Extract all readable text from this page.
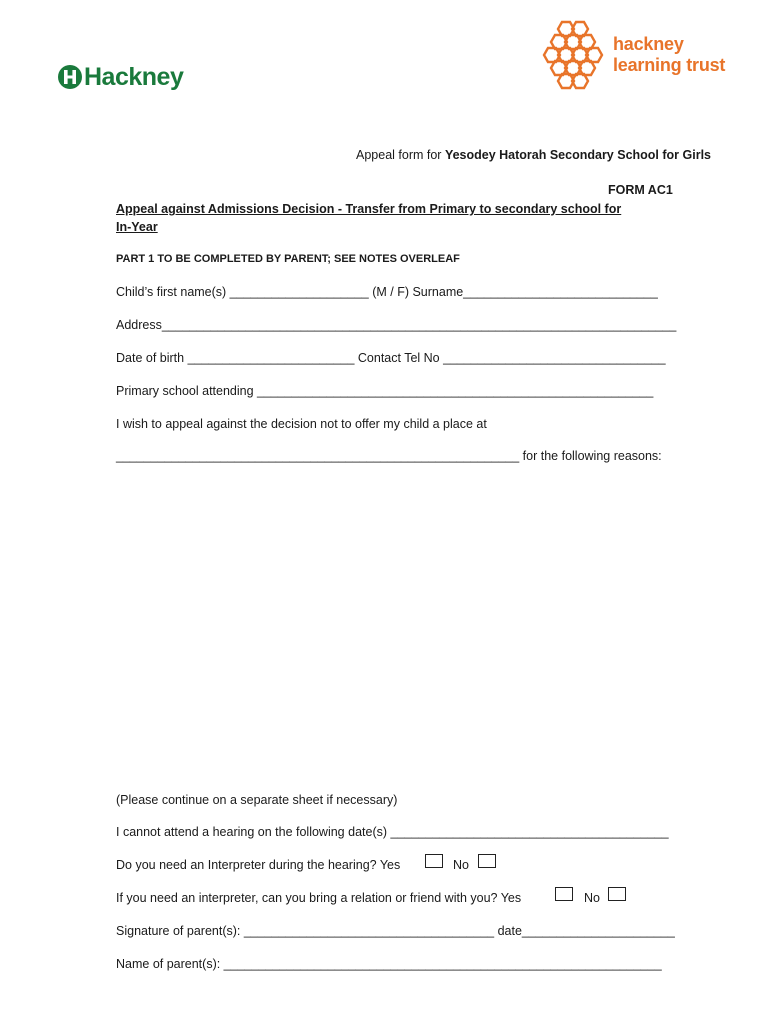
Hackney
hackney
learning trust
Appeal form for Yesodey Hatorah Secondary School for Girls
FORM AC1
Appeal against Admissions Decision - Transfer from Primary to secondary school for
In-Year
PART 1 TO BE COMPLETED BY PARENT; SEE NOTES OVERLEAF
Child’s first name(s) ____________________ (M / F) Surname____________________________
Address__________________________________________________________________________
Date of birth ________________________ Contact Tel No ________________________________
Primary school attending _________________________________________________________
I wish to appeal against the decision not to offer my child a place at
__________________________________________________________ for the following reasons:
(Please continue on a separate sheet if necessary)
I cannot attend a hearing on the following date(s) ________________________________________
Do you need an Interpreter during the hearing? Yes	No
If you need an interpreter, can you bring a relation or friend with you? Yes	No
Signature of parent(s): ____________________________________ date______________________
Name of parent(s): _______________________________________________________________
